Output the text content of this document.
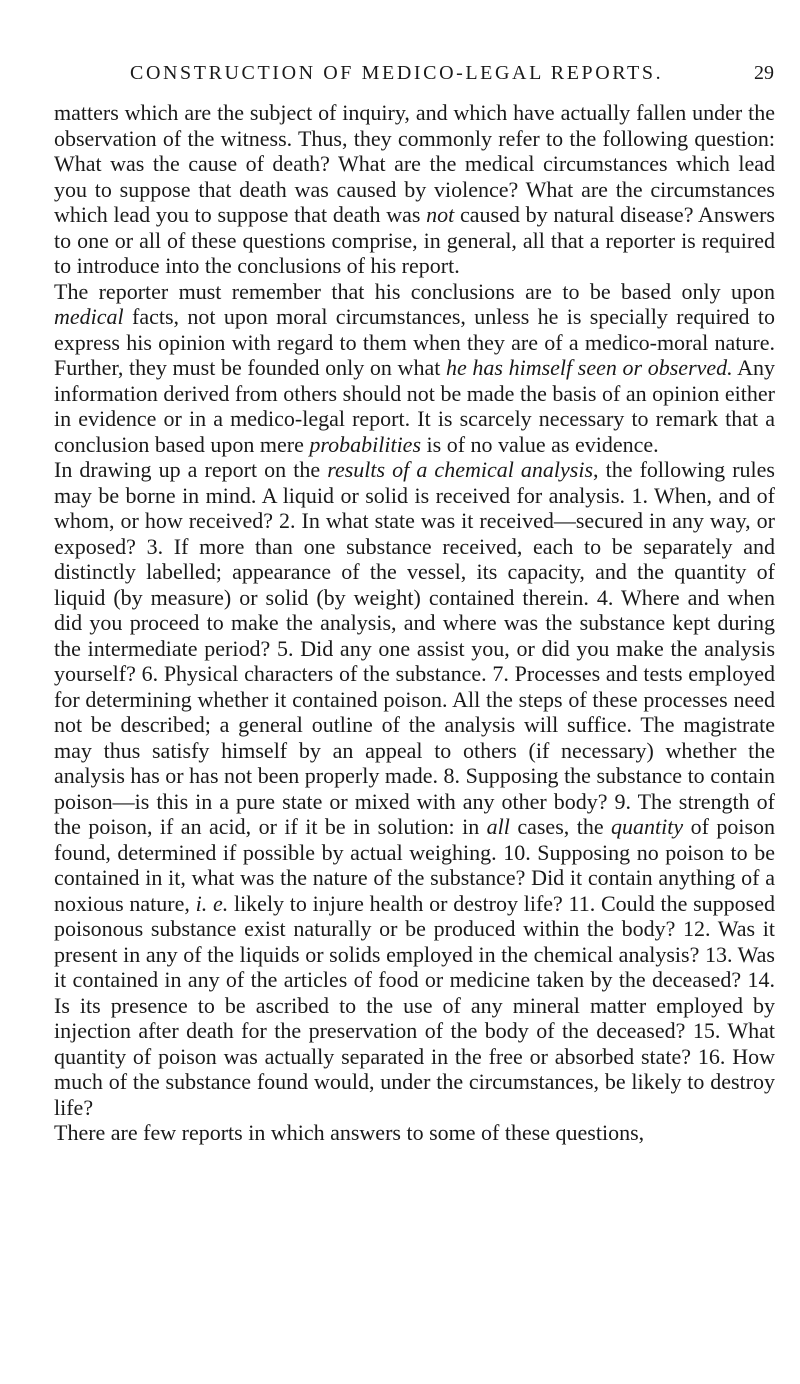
CONSTRUCTION OF MEDICO-LEGAL REPORTS.	29

matters which are the subject of inquiry, and which have actually fallen under the observation of the witness. Thus, they commonly refer to the following question: What was the cause of death? What are the medical circumstances which lead you to suppose that death was caused by violence? What are the circumstances which lead you to suppose that death was not caused by natural disease? Answers to one or all of these questions comprise, in general, all that a reporter is required to introduce into the conclusions of his report.

The reporter must remember that his conclusions are to be based only upon medical facts, not upon moral circumstances, unless he is specially required to express his opinion with regard to them when they are of a medico-moral nature. Further, they must be founded only on what he has himself seen or observed. Any information derived from others should not be made the basis of an opinion either in evidence or in a medico-legal report. It is scarcely necessary to remark that a conclusion based upon mere probabilities is of no value as evidence.

In drawing up a report on the results of a chemical analysis, the following rules may be borne in mind. A liquid or solid is received for analysis. 1. When, and of whom, or how received? 2. In what state was it received—secured in any way, or exposed? 3. If more than one substance received, each to be separately and distinctly labelled; appearance of the vessel, its capacity, and the quantity of liquid (by measure) or solid (by weight) contained therein. 4. Where and when did you proceed to make the analysis, and where was the substance kept during the intermediate period? 5. Did any one assist you, or did you make the analysis yourself? 6. Physical characters of the substance. 7. Processes and tests employed for determining whether it contained poison. All the steps of these processes need not be described; a general outline of the analysis will suffice. The magistrate may thus satisfy himself by an appeal to others (if necessary) whether the analysis has or has not been properly made. 8. Supposing the substance to contain poison—is this in a pure state or mixed with any other body? 9. The strength of the poison, if an acid, or if it be in solution: in all cases, the quantity of poison found, determined if possible by actual weighing. 10. Supposing no poison to be contained in it, what was the nature of the substance? Did it contain anything of a noxious nature, i. e. likely to injure health or destroy life? 11. Could the supposed poisonous substance exist naturally or be produced within the body? 12. Was it present in any of the liquids or solids employed in the chemical analysis? 13. Was it contained in any of the articles of food or medicine taken by the deceased? 14. Is its presence to be ascribed to the use of any mineral matter employed by injection after death for the preservation of the body of the deceased? 15. What quantity of poison was actually separated in the free or absorbed state? 16. How much of the substance found would, under the circumstances, be likely to destroy life?

There are few reports in which answers to some of these questions,
